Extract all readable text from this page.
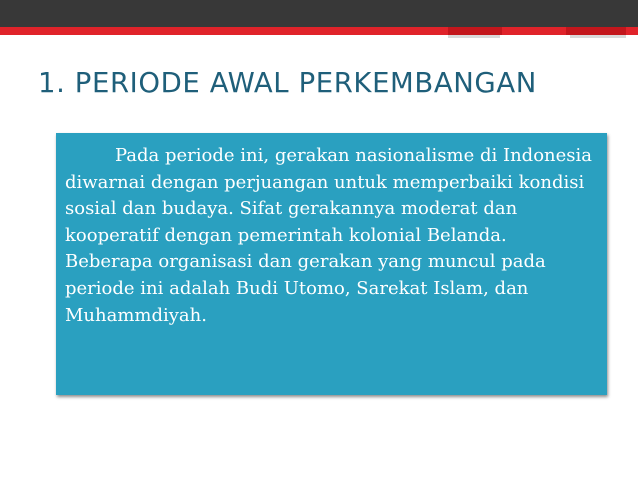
1. PERIODE AWAL PERKEMBANGAN

Pada periode ini, gerakan nasionalisme di Indonesia diwarnai dengan perjuangan untuk memperbaiki kondisi sosial dan budaya. Sifat gerakannya moderat dan kooperatif dengan pemerintah kolonial Belanda. Beberapa organisasi dan gerakan yang muncul pada periode ini adalah Budi Utomo, Sarekat Islam, dan Muhammdiyah.
